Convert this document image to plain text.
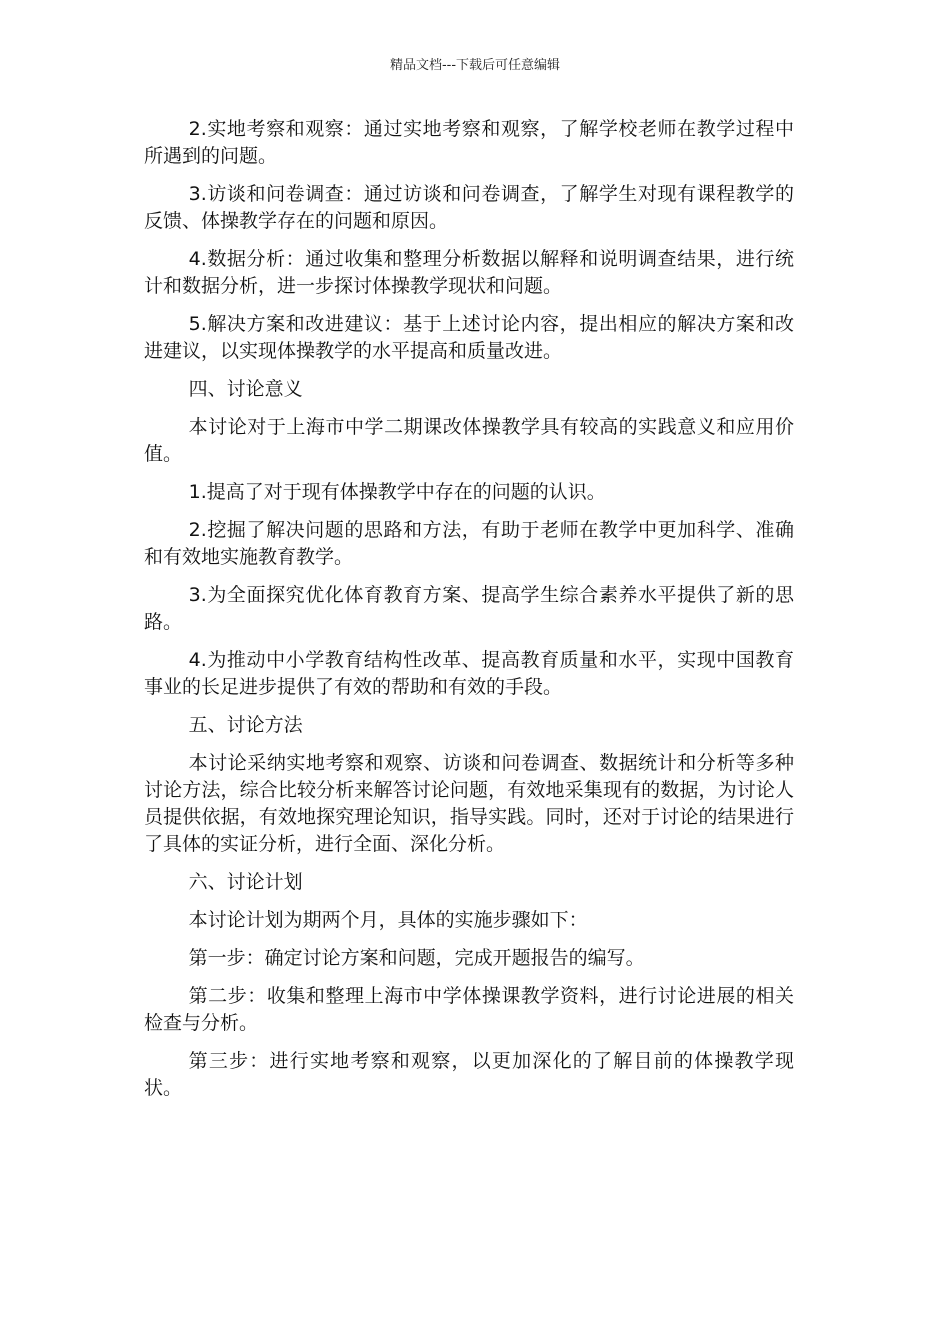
精品文档---下载后可任意编辑

2.实地考察和观察：通过实地考察和观察，了解学校老师在教学过程中所遇到的问题。

3.访谈和问卷调查：通过访谈和问卷调查，了解学生对现有课程教学的反馈、体操教学存在的问题和原因。

4.数据分析：通过收集和整理分析数据以解释和说明调查结果，进行统计和数据分析，进一步探讨体操教学现状和问题。

5.解决方案和改进建议：基于上述讨论内容，提出相应的解决方案和改进建议，以实现体操教学的水平提高和质量改进。

四、讨论意义

本讨论对于上海市中学二期课改体操教学具有较高的实践意义和应用价值。

1.提高了对于现有体操教学中存在的问题的认识。

2.挖掘了解决问题的思路和方法，有助于老师在教学中更加科学、准确和有效地实施教育教学。

3.为全面探究优化体育教育方案、提高学生综合素养水平提供了新的思路。

4.为推动中小学教育结构性改革、提高教育质量和水平，实现中国教育事业的长足进步提供了有效的帮助和有效的手段。

五、讨论方法

本讨论采纳实地考察和观察、访谈和问卷调查、数据统计和分析等多种讨论方法，综合比较分析来解答讨论问题，有效地采集现有的数据，为讨论人员提供依据，有效地探究理论知识，指导实践。同时，还对于讨论的结果进行了具体的实证分析，进行全面、深化分析。

六、讨论计划

本讨论计划为期两个月，具体的实施步骤如下：

第一步：确定讨论方案和问题，完成开题报告的编写。

第二步：收集和整理上海市中学体操课教学资料，进行讨论进展的相关检查与分析。

第三步：进行实地考察和观察，以更加深化的了解目前的体操教学现状。
